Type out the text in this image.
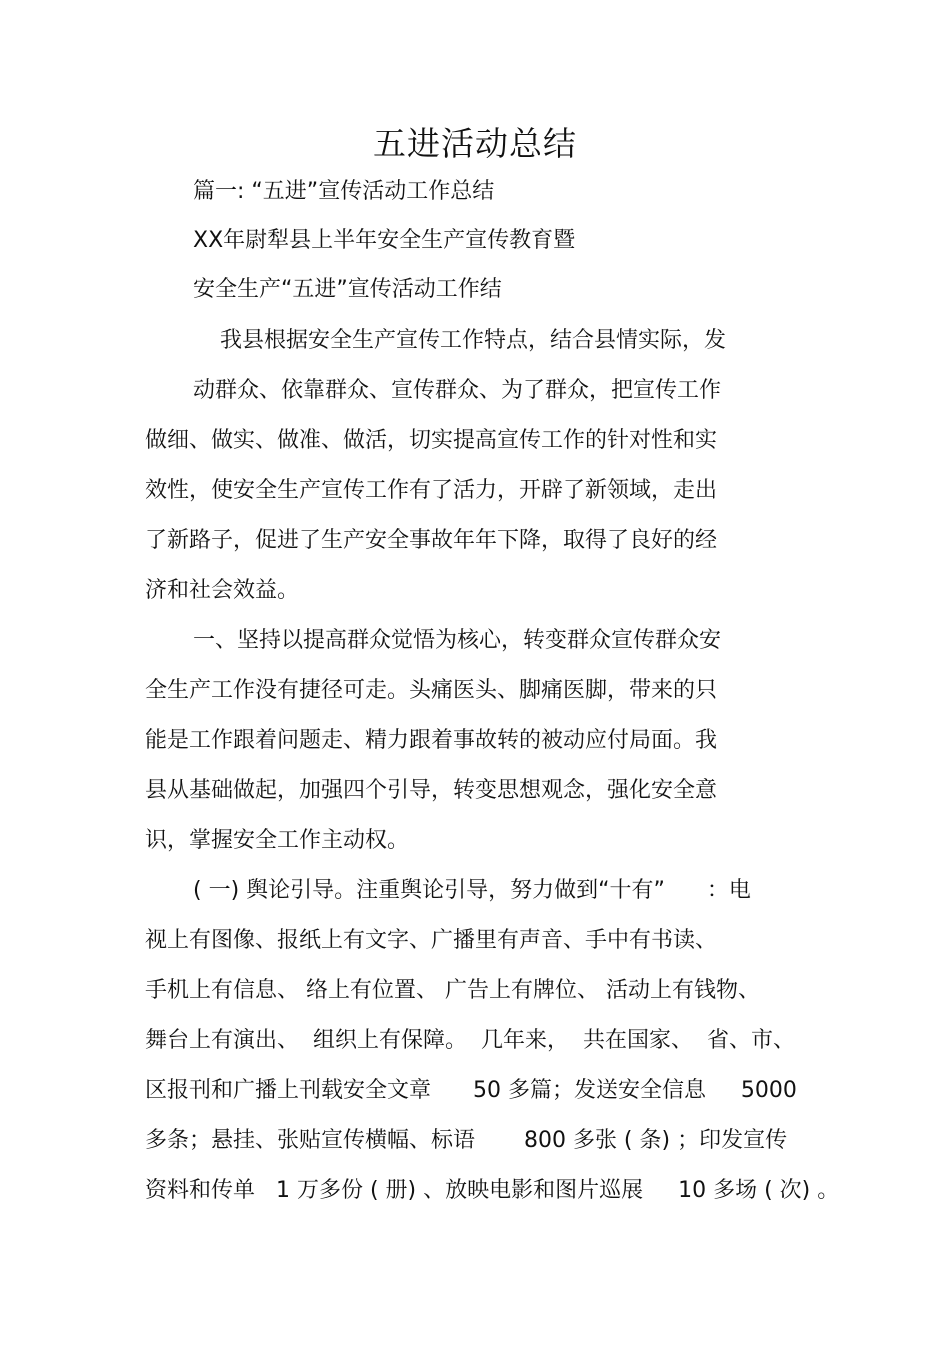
五进活动总结
篇一: “五进”宣传活动工作总结
XX年尉犁县上半年安全生产宣传教育暨
安全生产“五进”宣传活动工作结
我县根据安全生产宣传工作特点，结合县情实际，发
动群众、依靠群众、宣传群众、为了群众，把宣传工作
做细、做实、做准、做活，切实提高宣传工作的针对性和实
效性，使安全生产宣传工作有了活力，开辟了新领域，走出
了新路子，促进了生产安全事故年年下降，取得了良好的经
济和社会效益。
一、坚持以提高群众觉悟为核心，转变群众宣传群众安
全生产工作没有捷径可走。头痛医头、脚痛医脚，带来的只
能是工作跟着问题走、精力跟着事故转的被动应付局面。我
县从基础做起，加强四个引导，转变思想观念，强化安全意
识，掌握安全工作主动权。
( 一) 舆论引导。注重舆论引导，努力做到“十有”      ：电
视上有图像、报纸上有文字、广播里有声音、手中有书读、
手机上有信息、 络上有位置、 广告上有牌位、 活动上有钱物、
舞台上有演出、  组织上有保障。  几年来，  共在国家、  省、市、
区报刊和广播上刊载安全文章      50 多篇；发送安全信息     5000
多条；悬挂、张贴宣传横幅、标语       800 多张 ( 条) ；印发宣传
资料和传单   1 万多份 ( 册) 、放映电影和图片巡展     10 多场 ( 次) 。
